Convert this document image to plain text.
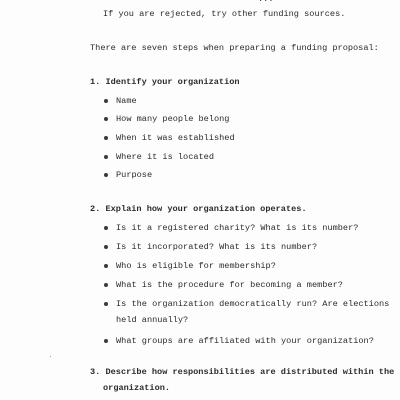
If you are rejected, try other funding sources.
There are seven steps when preparing a funding proposal:
1. Identify your organization
Name
How many people belong
When it was established
Where it is located
Purpose
2. Explain how your organization operates.
Is it a registered charity? What is its number?
Is it incorporated? What is its number?
Who is eligible for membership?
What is the procedure for becoming a member?
Is the organization democratically run? Are elections
held annually?
What groups are affiliated with your organization?
3. Describe how responsibilities are distributed within the
organization.
